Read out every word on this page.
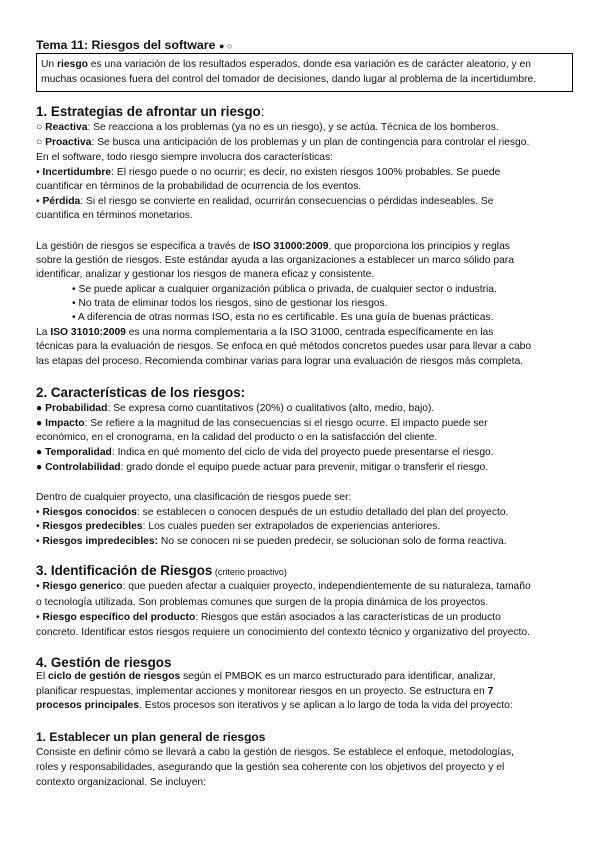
Tema 11: Riesgos del software ● ○
Un riesgo es una variación de los resultados esperados, donde esa variación es de carácter aleatorio, y en
muchas ocasiones fuera del control del tomador de decisiones, dando lugar al problema de la incertidumbre.
1. Estrategias de afrontar un riesgo:
○ Reactiva: Se reacciona a los problemas (ya no es un riesgo), y se actúa. Técnica de los bomberos.
○ Proactiva: Se busca una anticipación de los problemas y un plan de contingencia para controlar el riesgo.
En el software, todo riesgo siempre involucra dos características:
• Incertidumbre: El riesgo puede o no ocurrir; es decir, no existen riesgos 100% probables. Se puede
cuantificar en términos de la probabilidad de ocurrencia de los eventos.
• Pérdida: Si el riesgo se convierte en realidad, ocurrirán consecuencias o pérdidas indeseables. Se
cuantifica en términos monetarios.
La gestión de riesgos se especifica a través de ISO 31000:2009, que proporciona los principios y reglas
sobre la gestión de riesgos. Este estándar ayuda a las organizaciones a establecer un marco sólido para
identificar, analizar y gestionar los riesgos de manera eficaz y consistente.
• Se puede aplicar a cualquier organización pública o privada, de cualquier sector o industria.
• No trata de eliminar todos los riesgos, sino de gestionar los riesgos.
• A diferencia de otras normas ISO, esta no es certificable. Es una guía de buenas prácticas.
La ISO 31010:2009 es una norma complementaria a la ISO 31000, centrada específicamente en las
técnicas para la evaluación de riesgos. Se enfoca en qué métodos concretos puedes usar para llevar a cabo
las etapas del proceso. Recomienda combinar varias para lograr una evaluación de riesgos más completa.
2. Características de los riesgos:
● Probabilidad: Se expresa como cuantitativos (20%) o cualitativos (alto, medio, bajo).
● Impacto: Se refiere a la magnitud de las consecuencias si el riesgo ocurre. El impacto puede ser
económico, en el cronograma, en la calidad del producto o en la satisfacción del cliente.
● Temporalidad: Indica en qué momento del ciclo de vida del proyecto puede presentarse el riesgo.
● Controlabilidad: grado donde el equipo puede actuar para prevenir, mitigar o transferir el riesgo.
Dentro de cualquier proyecto, una clasificación de riesgos puede ser:
• Riesgos conocidos: se establecen o conocen después de un estudio detallado del plan del proyecto.
• Riesgos predecibles: Los cuales pueden ser extrapolados de experiencias anteriores.
• Riesgos impredecibles: No se conocen ni se pueden predecir, se solucionan solo de forma reactiva.
3. Identificación de Riesgos (criterio proactivo)
• Riesgo generico: que pueden afectar a cualquier proyecto, independientemente de su naturaleza, tamaño
o tecnología utilizada. Son problemas comunes que surgen de la propia dinámica de los proyectos.
• Riesgo específico del producto: Riesgos que están asociados a las características de un producto
concreto. Identificar estos riesgos requiere un conocimiento del contexto técnico y organizativo del proyecto.
4. Gestión de riesgos
El ciclo de gestión de riesgos según el PMBOK es un marco estructurado para identificar, analizar,
planificar respuestas, implementar acciones y monitorear riesgos en un proyecto. Se estructura en 7
procesos principales. Estos procesos son iterativos y se aplican a lo largo de toda la vida del proyecto:
1. Establecer un plan general de riesgos
Consiste en definir cómo se llevará a cabo la gestión de riesgos. Se establece el enfoque, metodologías,
roles y responsabilidades, asegurando que la gestión sea coherente con los objetivos del proyecto y el
contexto organizacional. Se incluyen:
